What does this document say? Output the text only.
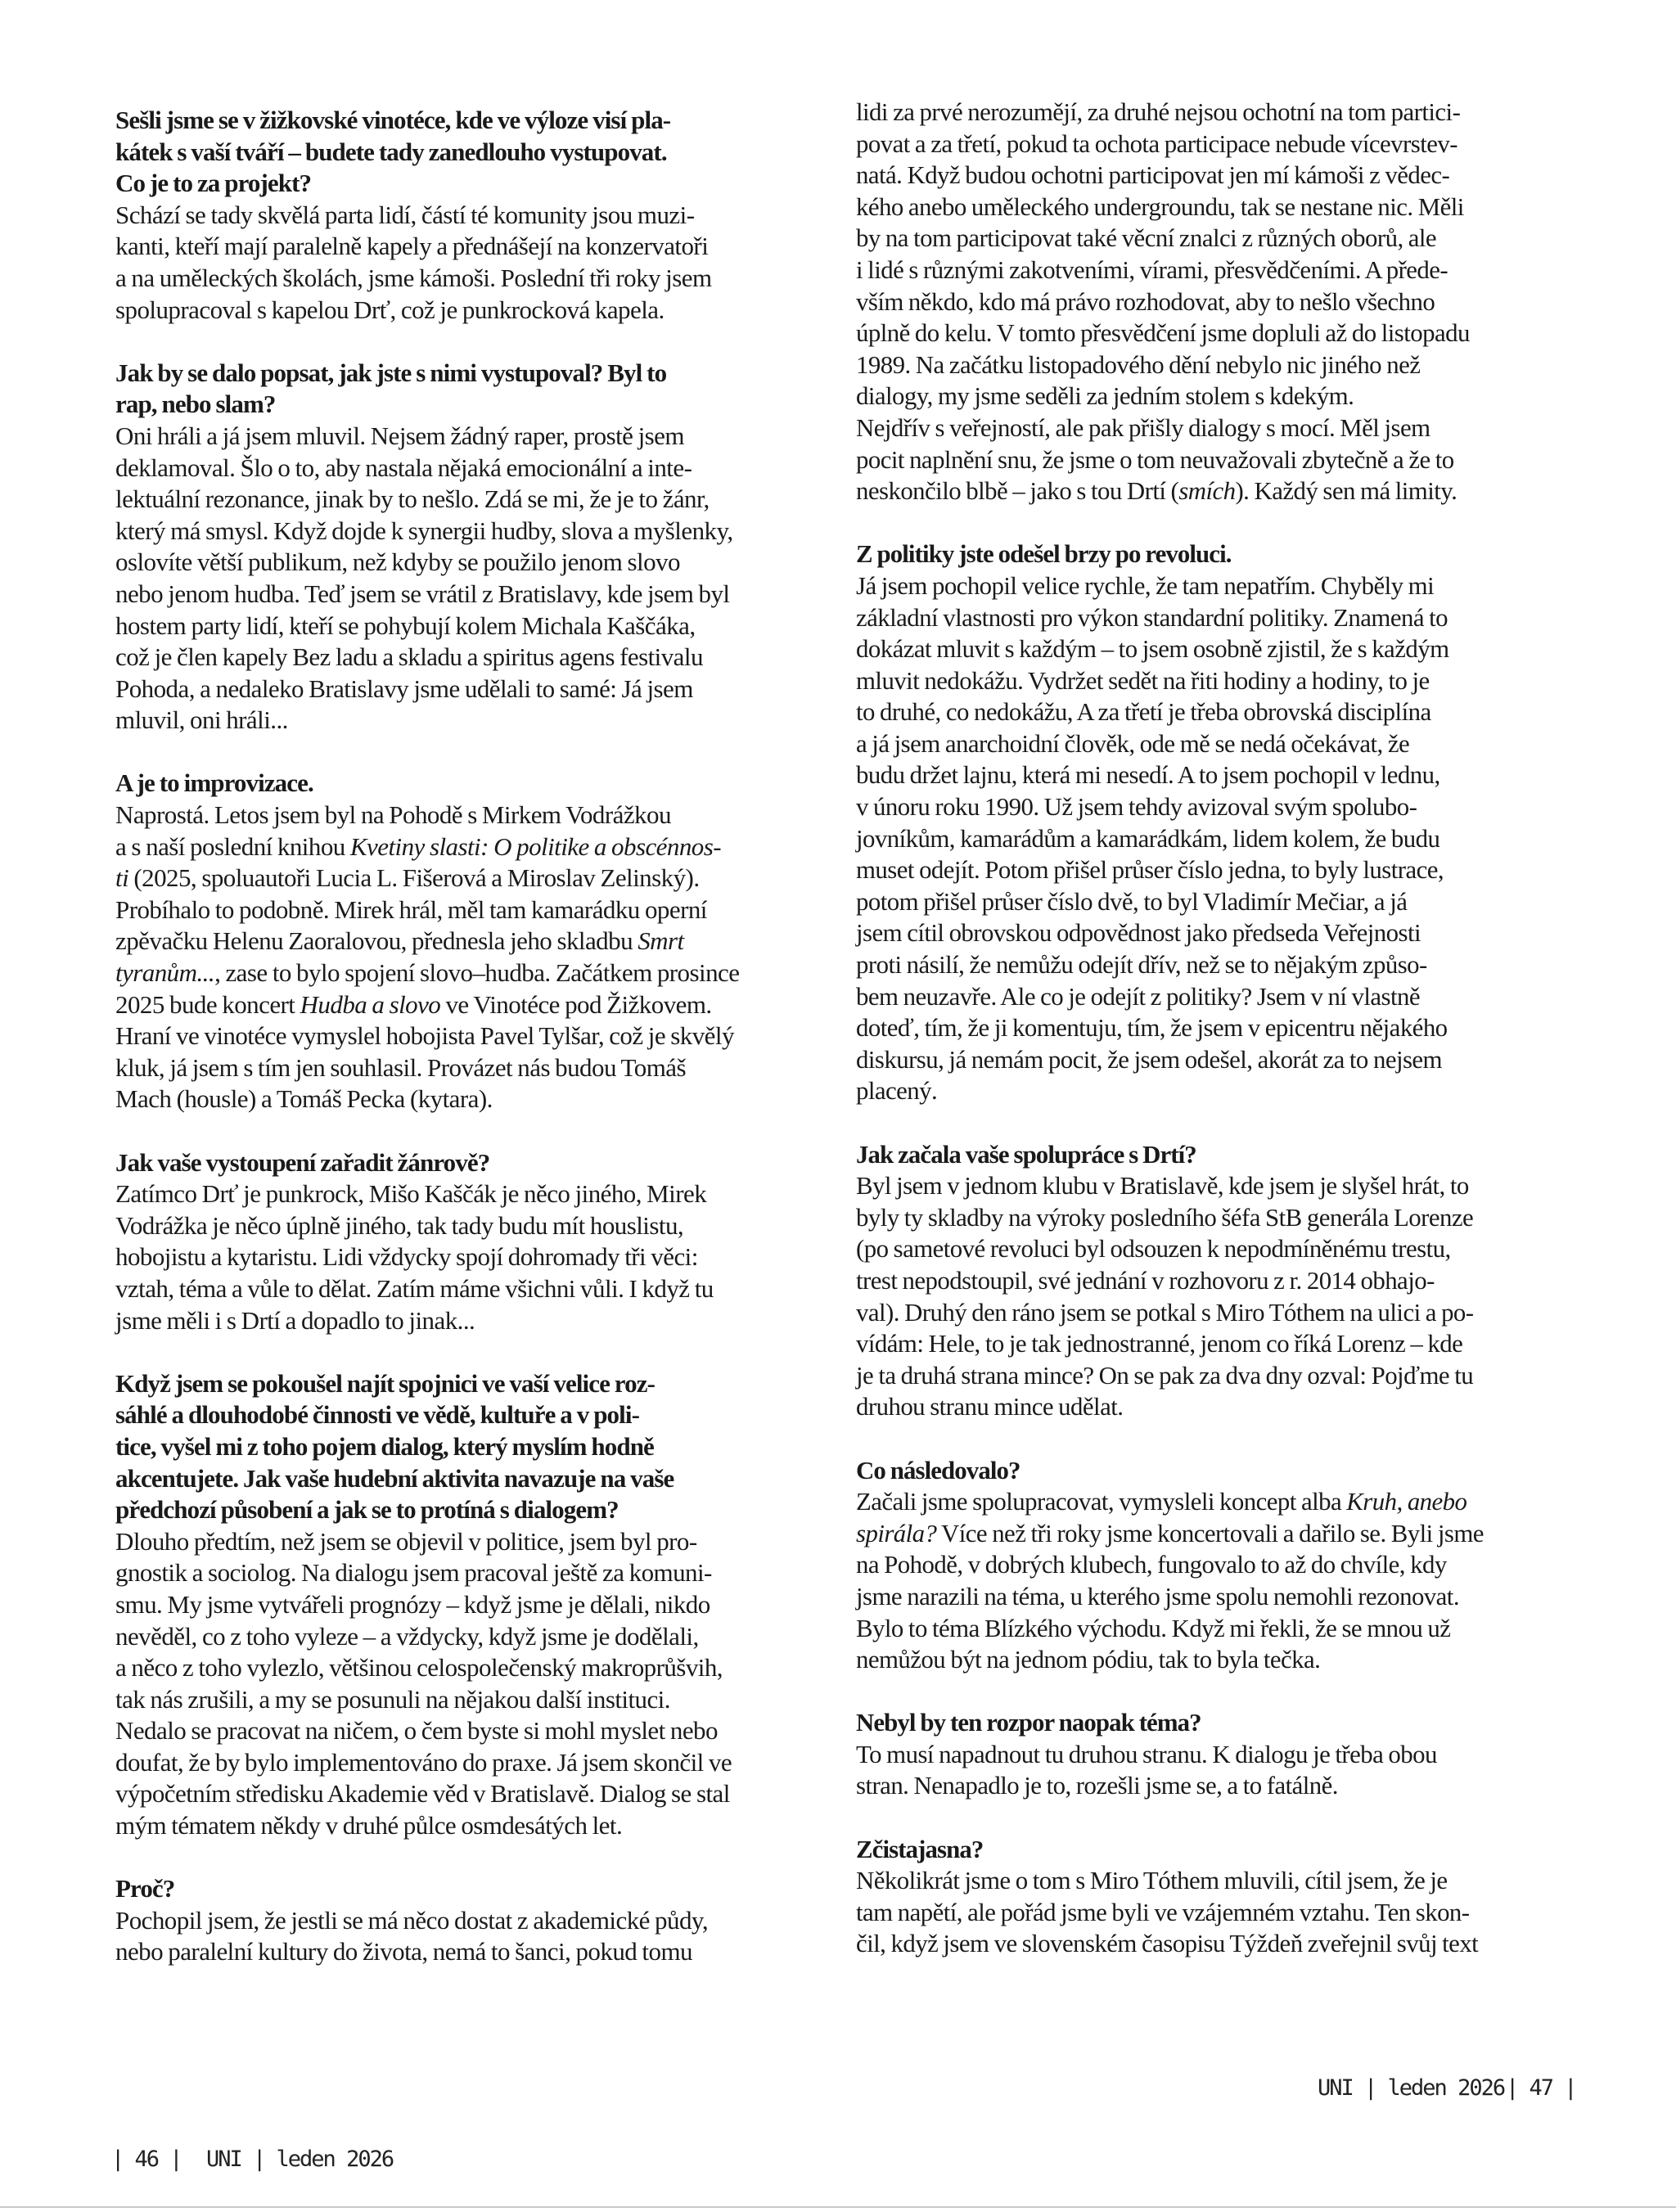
Sešli jsme se v žižkovské vinotéce, kde ve výloze visí pla-
kátek s vaší tváří – budete tady zanedlouho vystupovat.
Co je to za projekt?
Schází se tady skvělá parta lidí, částí té komunity jsou muzi-
kanti, kteří mají paralelně kapely a přednášejí na konzervatoři
a na uměleckých školách, jsme kámoši. Poslední tři roky jsem
spolupracoval s kapelou Drť, což je punkrocková kapela.
Jak by se dalo popsat, jak jste s nimi vystupoval? Byl to
rap, nebo slam?
Oni hráli a já jsem mluvil. Nejsem žádný raper, prostě jsem
deklamoval. Šlo o to, aby nastala nějaká emocionální a inte-
lektuální rezonance, jinak by to nešlo. Zdá se mi, že je to žánr,
který má smysl. Když dojde k synergii hudby, slova a myšlenky,
oslovíte větší publikum, než kdyby se použilo jenom slovo
nebo jenom hudba. Teď jsem se vrátil z Bratislavy, kde jsem byl
hostem party lidí, kteří se pohybují kolem Michala Kaščáka,
což je člen kapely Bez ladu a skladu a spiritus agens festivalu
Pohoda, a nedaleko Bratislavy jsme udělali to samé: Já jsem
mluvil, oni hráli...
A je to improvizace.
Naprostá. Letos jsem byl na Pohodě s Mirkem Vodrážkou
a s naší poslední knihou Kvetiny slasti: O politike a obscénnos-
ti (2025, spoluautoři Lucia L. Fišerová a Miroslav Zelinský).
Probíhalo to podobně. Mirek hrál, měl tam kamarádku operní
zpěvačku Helenu Zaoralovou, přednesla jeho skladbu Smrt
tyranům..., zase to bylo spojení slovo–hudba. Začátkem prosince
2025 bude koncert Hudba a slovo ve Vinotéce pod Žižkovem.
Hraní ve vinotéce vymyslel hobojista Pavel Tylšar, což je skvělý
kluk, já jsem s tím jen souhlasil. Provázet nás budou Tomáš
Mach (housle) a Tomáš Pecka (kytara).
Jak vaše vystoupení zařadit žánrově?
Zatímco Drť je punkrock, Mišo Kaščák je něco jiného, Mirek
Vodrážka je něco úplně jiného, tak tady budu mít houslistu,
hobojistu a kytaristu. Lidi vždycky spojí dohromady tři věci:
vztah, téma a vůle to dělat. Zatím máme všichni vůli. I když tu
jsme měli i s Drtí a dopadlo to jinak...
Když jsem se pokoušel najít spojnici ve vaší velice roz-
sáhlé a dlouhodobé činnosti ve vědě, kultuře a v poli-
tice, vyšel mi z toho pojem dialog, který myslím hodně
akcentujete. Jak vaše hudební aktivita navazuje na vaše
předchozí působení a jak se to protíná s dialogem?
Dlouho předtím, než jsem se objevil v politice, jsem byl pro-
gnostik a sociolog. Na dialogu jsem pracoval ještě za komuni-
smu. My jsme vytvářeli prognózy – když jsme je dělali, nikdo
nevěděl, co z toho vyleze – a vždycky, když jsme je dodělali,
a něco z toho vylezlo, většinou celospolečenský makroprůšvih,
tak nás zrušili, a my se posunuli na nějakou další instituci.
Nedalo se pracovat na ničem, o čem byste si mohl myslet nebo
doufat, že by bylo implementováno do praxe. Já jsem skončil ve
výpočetním středisku Akademie věd v Bratislavě. Dialog se stal
mým tématem někdy v druhé půlce osmdesátých let.
Proč?
Pochopil jsem, že jestli se má něco dostat z akademické půdy,
nebo paralelní kultury do života, nemá to šanci, pokud tomu
lidi za prvé nerozumějí, za druhé nejsou ochotní na tom partici-
povat a za třetí, pokud ta ochota participace nebude vícevrstev-
natá. Když budou ochotni participovat jen mí kámoši z vědec-
kého anebo uměleckého undergroundu, tak se nestane nic. Měli
by na tom participovat také věcní znalci z různých oborů, ale
i lidé s různými zakotveními, vírami, přesvědčeními. A přede-
vším někdo, kdo má právo rozhodovat, aby to nešlo všechno
úplně do kelu. V tomto přesvědčení jsme dopluli až do listopadu
1989. Na začátku listopadového dění nebylo nic jiného než
dialogy, my jsme seděli za jedním stolem s kdekým.
Nejdřív s veřejností, ale pak přišly dialogy s mocí. Měl jsem
pocit naplnění snu, že jsme o tom neuvažovali zbytečně a že to
neskončilo blbě – jako s tou Drtí (smích). Každý sen má limity.
Z politiky jste odešel brzy po revoluci.
Já jsem pochopil velice rychle, že tam nepatřím. Chyběly mi
základní vlastnosti pro výkon standardní politiky. Znamená to
dokázat mluvit s každým – to jsem osobně zjistil, že s každým
mluvit nedokážu. Vydržet sedět na řiti hodiny a hodiny, to je
to druhé, co nedokážu, A za třetí je třeba obrovská disciplína
a já jsem anarchoidní člověk, ode mě se nedá očekávat, že
budu držet lajnu, která mi nesedí. A to jsem pochopil v lednu,
v únoru roku 1990. Už jsem tehdy avizoval svým spolubo-
jovníkům, kamarádům a kamarádkám, lidem kolem, že budu
muset odejít. Potom přišel průser číslo jedna, to byly lustrace,
potom přišel průser číslo dvě, to byl Vladimír Mečiar, a já
jsem cítil obrovskou odpovědnost jako předseda Veřejnosti
proti násilí, že nemůžu odejít dřív, než se to nějakým způso-
bem neuzavře. Ale co je odejít z politiky? Jsem v ní vlastně
doteď, tím, že ji komentuju, tím, že jsem v epicentru nějakého
diskursu, já nemám pocit, že jsem odešel, akorát za to nejsem
placený.
Jak začala vaše spolupráce s Drtí?
Byl jsem v jednom klubu v Bratislavě, kde jsem je slyšel hrát, to
byly ty skladby na výroky posledního šéfa StB generála Lorenze
(po sametové revoluci byl odsouzen k nepodmíněnému trestu,
trest nepodstoupil, své jednání v rozhovoru z r. 2014 obhajo-
val). Druhý den ráno jsem se potkal s Miro Tóthem na ulici a po-
vídám: Hele, to je tak jednostranné, jenom co říká Lorenz – kde
je ta druhá strana mince? On se pak za dva dny ozval: Pojďme tu
druhou stranu mince udělat.
Co následovalo?
Začali jsme spolupracovat, vymysleli koncept alba Kruh, anebo
spirála? Více než tři roky jsme koncertovali a dařilo se. Byli jsme
na Pohodě, v dobrých klubech, fungovalo to až do chvíle, kdy
jsme narazili na téma, u kterého jsme spolu nemohli rezonovat.
Bylo to téma Blízkého východu. Když mi řekli, že se mnou už
nemůžou být na jednom pódiu, tak to byla tečka.
Nebyl by ten rozpor naopak téma?
To musí napadnout tu druhou stranu. K dialogu je třeba obou
stran. Nenapadlo je to, rozešli jsme se, a to fatálně.
Zčistajasna?
Několikrát jsme o tom s Miro Tóthem mluvili, cítil jsem, že je
tam napětí, ale pořád jsme byli ve vzájemném vztahu. Ten skon-
čil, když jsem ve slovenském časopisu Týždeň zveřejnil svůj text
| 46 | UNI | leden 2026
UNI | leden 2026 | 47 |
